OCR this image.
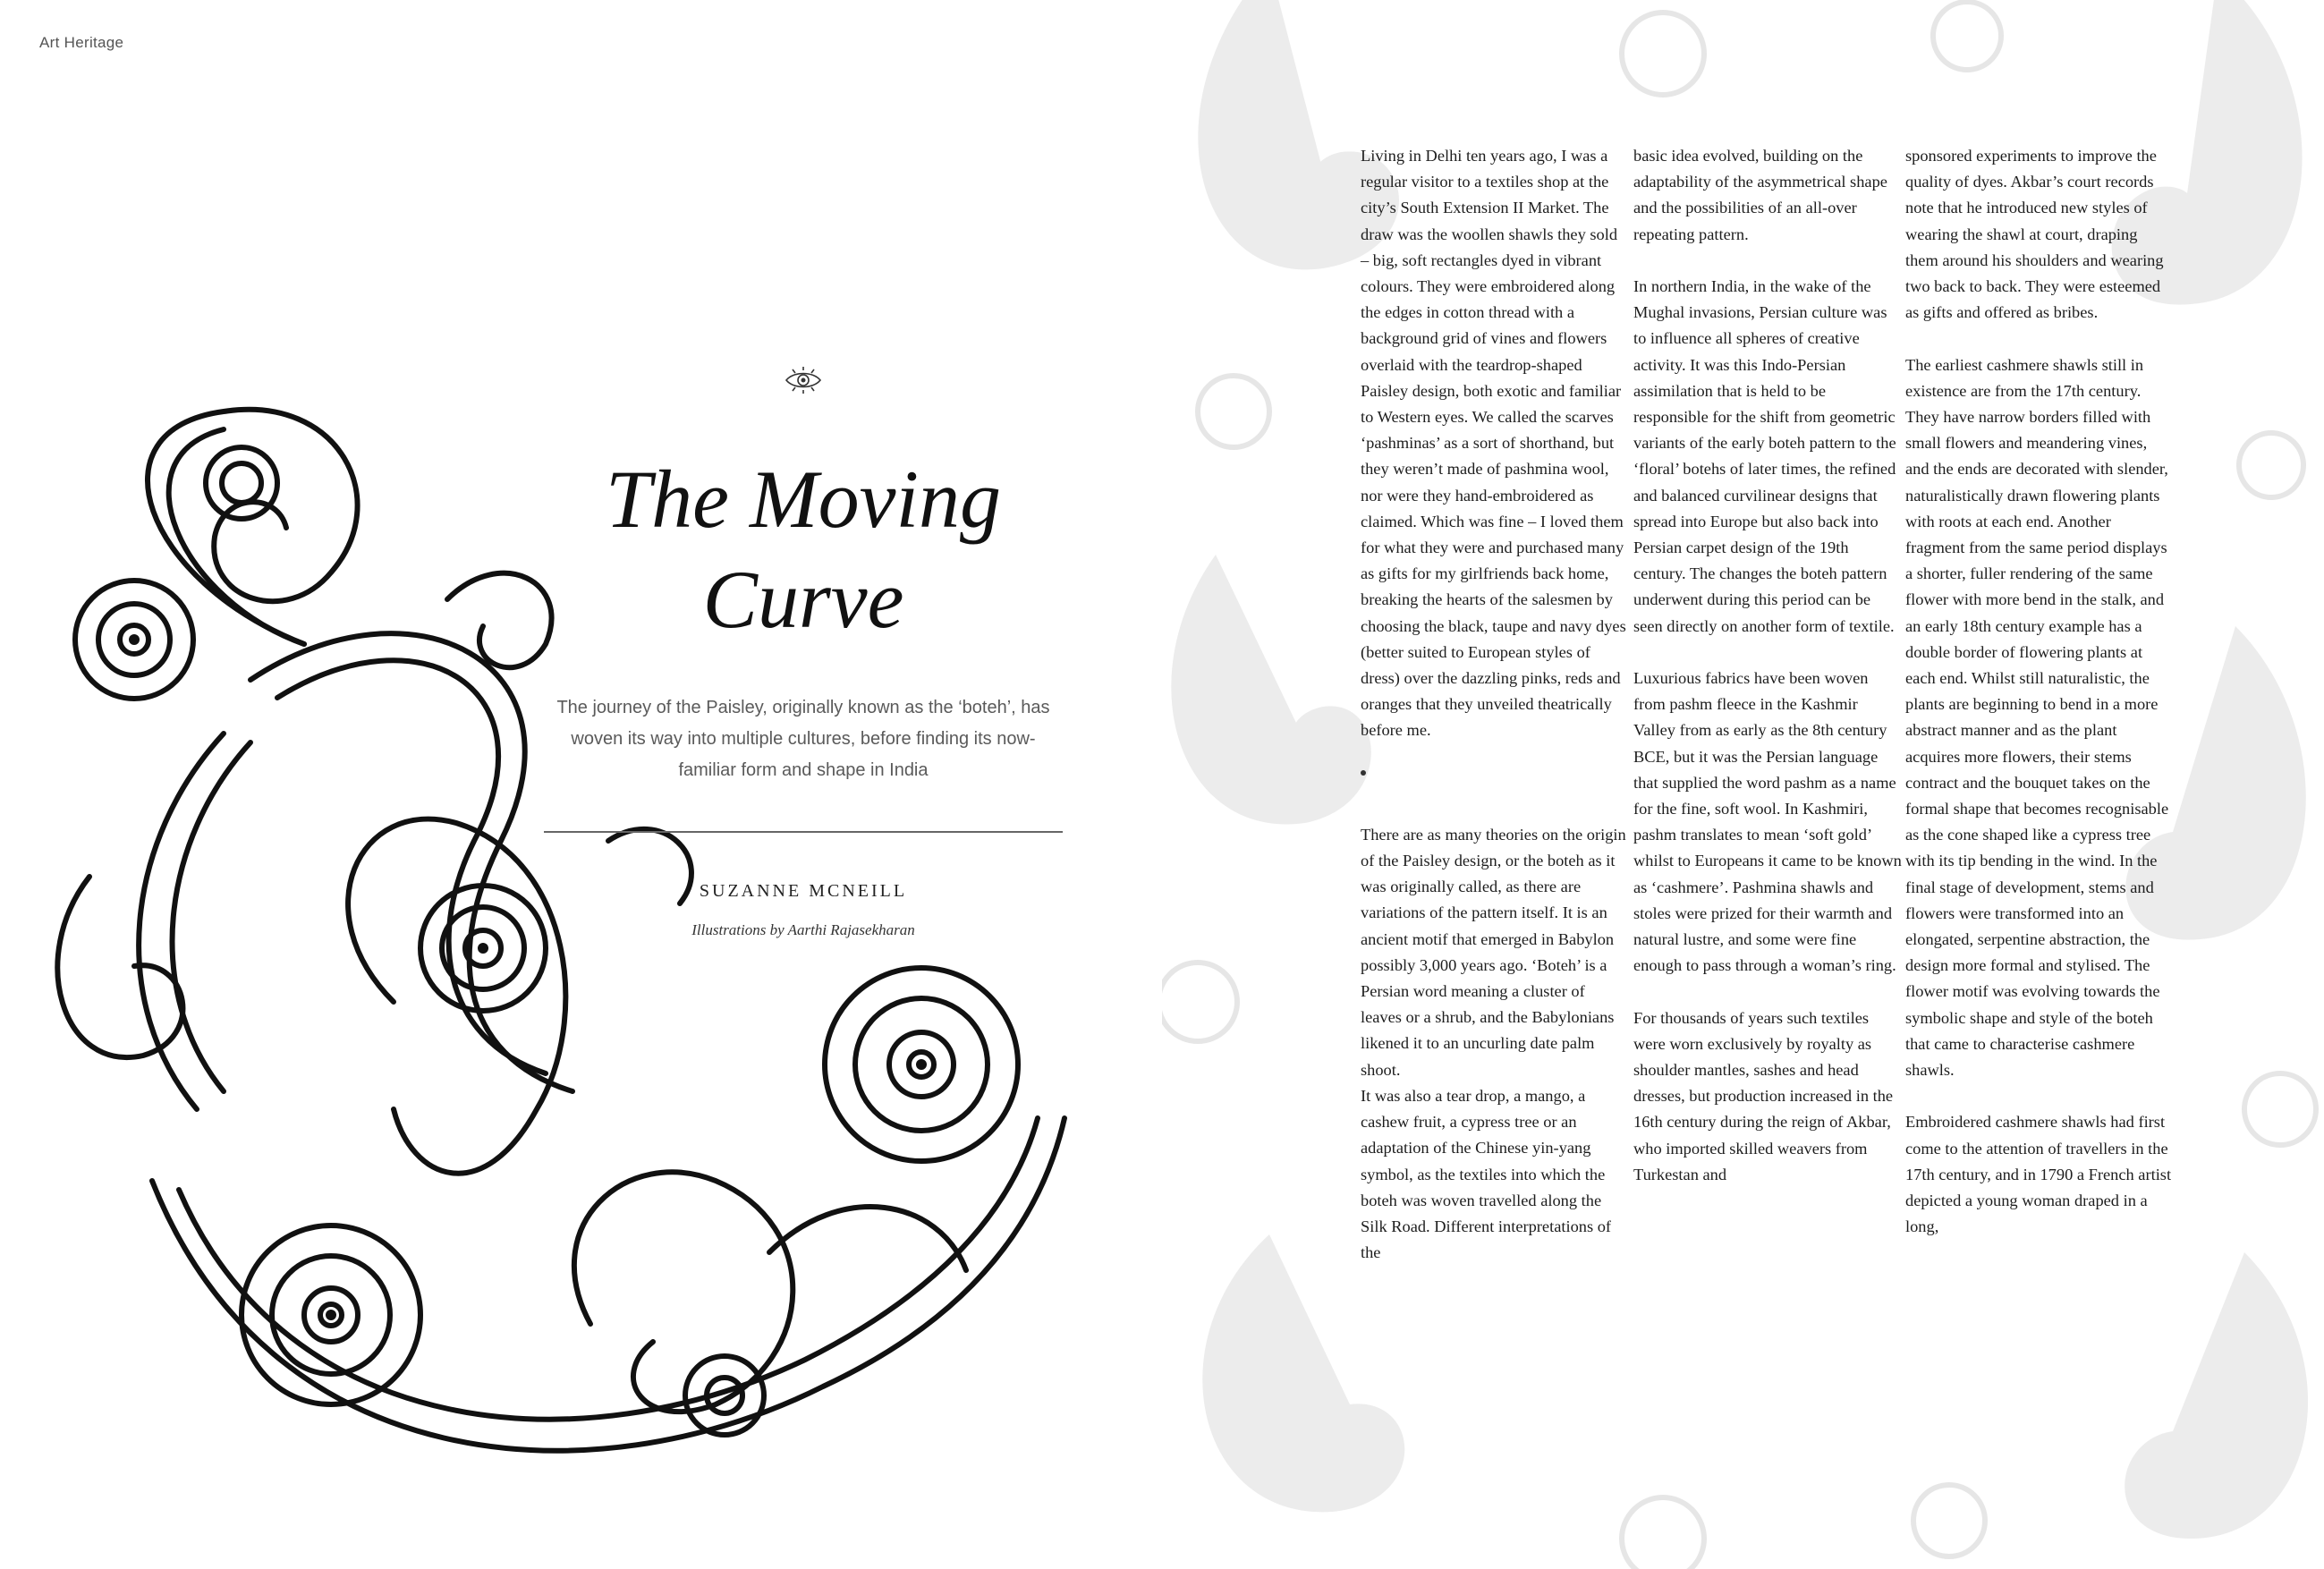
Art Heritage
The Moving
Curve

The journey of the Paisley, originally known as the ‘boteh’, has woven its way into multiple cultures, before finding its now-familiar form and shape in India

SUZANNE MCNEILL
Illustrations by Aarthi Rajasekharan

Living in Delhi ten years ago, I was a regular visitor to a textiles shop at the city’s South Extension II Market. The draw was the woollen shawls they sold – big, soft rectangles dyed in vibrant colours. They were embroidered along the edges in cotton thread with a background grid of vines and flowers overlaid with the teardrop-shaped Paisley design, both exotic and familiar to Western eyes. We called the scarves ‘pashminas’ as a sort of shorthand, but they weren’t made of pashmina wool, nor were they hand-embroidered as claimed. Which was fine – I loved them for what they were and purchased many as gifts for my girlfriends back home, breaking the hearts of the salesmen by choosing the black, taupe and navy dyes (better suited to European styles of dress) over the dazzling pinks, reds and oranges that they unveiled theatrically before me.

There are as many theories on the origin of the Paisley design, or the boteh as it was originally called, as there are variations of the pattern itself. It is an ancient motif that emerged in Babylon possibly 3,000 years ago. ‘Boteh’ is a Persian word meaning a cluster of leaves or a shrub, and the Babylonians likened it to an uncurling date palm shoot.

It was also a tear drop, a mango, a cashew fruit, a cypress tree or an adaptation of the Chinese yin-yang symbol, as the textiles into which the boteh was woven travelled along the Silk Road. Different interpretations of the

basic idea evolved, building on the adaptability of the asymmetrical shape and the possibilities of an all-over repeating pattern.

In northern India, in the wake of the Mughal invasions, Persian culture was to influence all spheres of creative activity. It was this Indo-Persian assimilation that is held to be responsible for the shift from geometric variants of the early boteh pattern to the ‘floral’ botehs of later times, the refined and balanced curvilinear designs that spread into Europe but also back into Persian carpet design of the 19th century. The changes the boteh pattern underwent during this period can be seen directly on another form of textile.

Luxurious fabrics have been woven from pashm fleece in the Kashmir Valley from as early as the 8th century BCE, but it was the Persian language that supplied the word pashm as a name for the fine, soft wool. In Kashmiri, pashm translates to mean ‘soft gold’ whilst to Europeans it came to be known as ‘cashmere’. Pashmina shawls and stoles were prized for their warmth and natural lustre, and some were fine enough to pass through a woman’s ring.

For thousands of years such textiles were worn exclusively by royalty as shoulder mantles, sashes and head dresses, but production increased in the 16th century during the reign of Akbar, who imported skilled weavers from Turkestan and

sponsored experiments to improve the quality of dyes. Akbar’s court records note that he introduced new styles of wearing the shawl at court, draping them around his shoulders and wearing two back to back. They were esteemed as gifts and offered as bribes.

The earliest cashmere shawls still in existence are from the 17th century. They have narrow borders filled with small flowers and meandering vines, and the ends are decorated with slender, naturalistically drawn flowering plants with roots at each end. Another fragment from the same period displays a shorter, fuller rendering of the same flower with more bend in the stalk, and an early 18th century example has a double border of flowering plants at each end. Whilst still naturalistic, the plants are beginning to bend in a more abstract manner and as the plant acquires more flowers, their stems contract and the bouquet takes on the formal shape that becomes recognisable as the cone shaped like a cypress tree with its tip bending in the wind. In the final stage of development, stems and flowers were transformed into an elongated, serpentine abstraction, the design more formal and stylised. The flower motif was evolving towards the symbolic shape and style of the boteh that came to characterise cashmere shawls.

Embroidered cashmere shawls had first come to the attention of travellers in the 17th century, and in 1790 a French artist depicted a young woman draped in a long,
